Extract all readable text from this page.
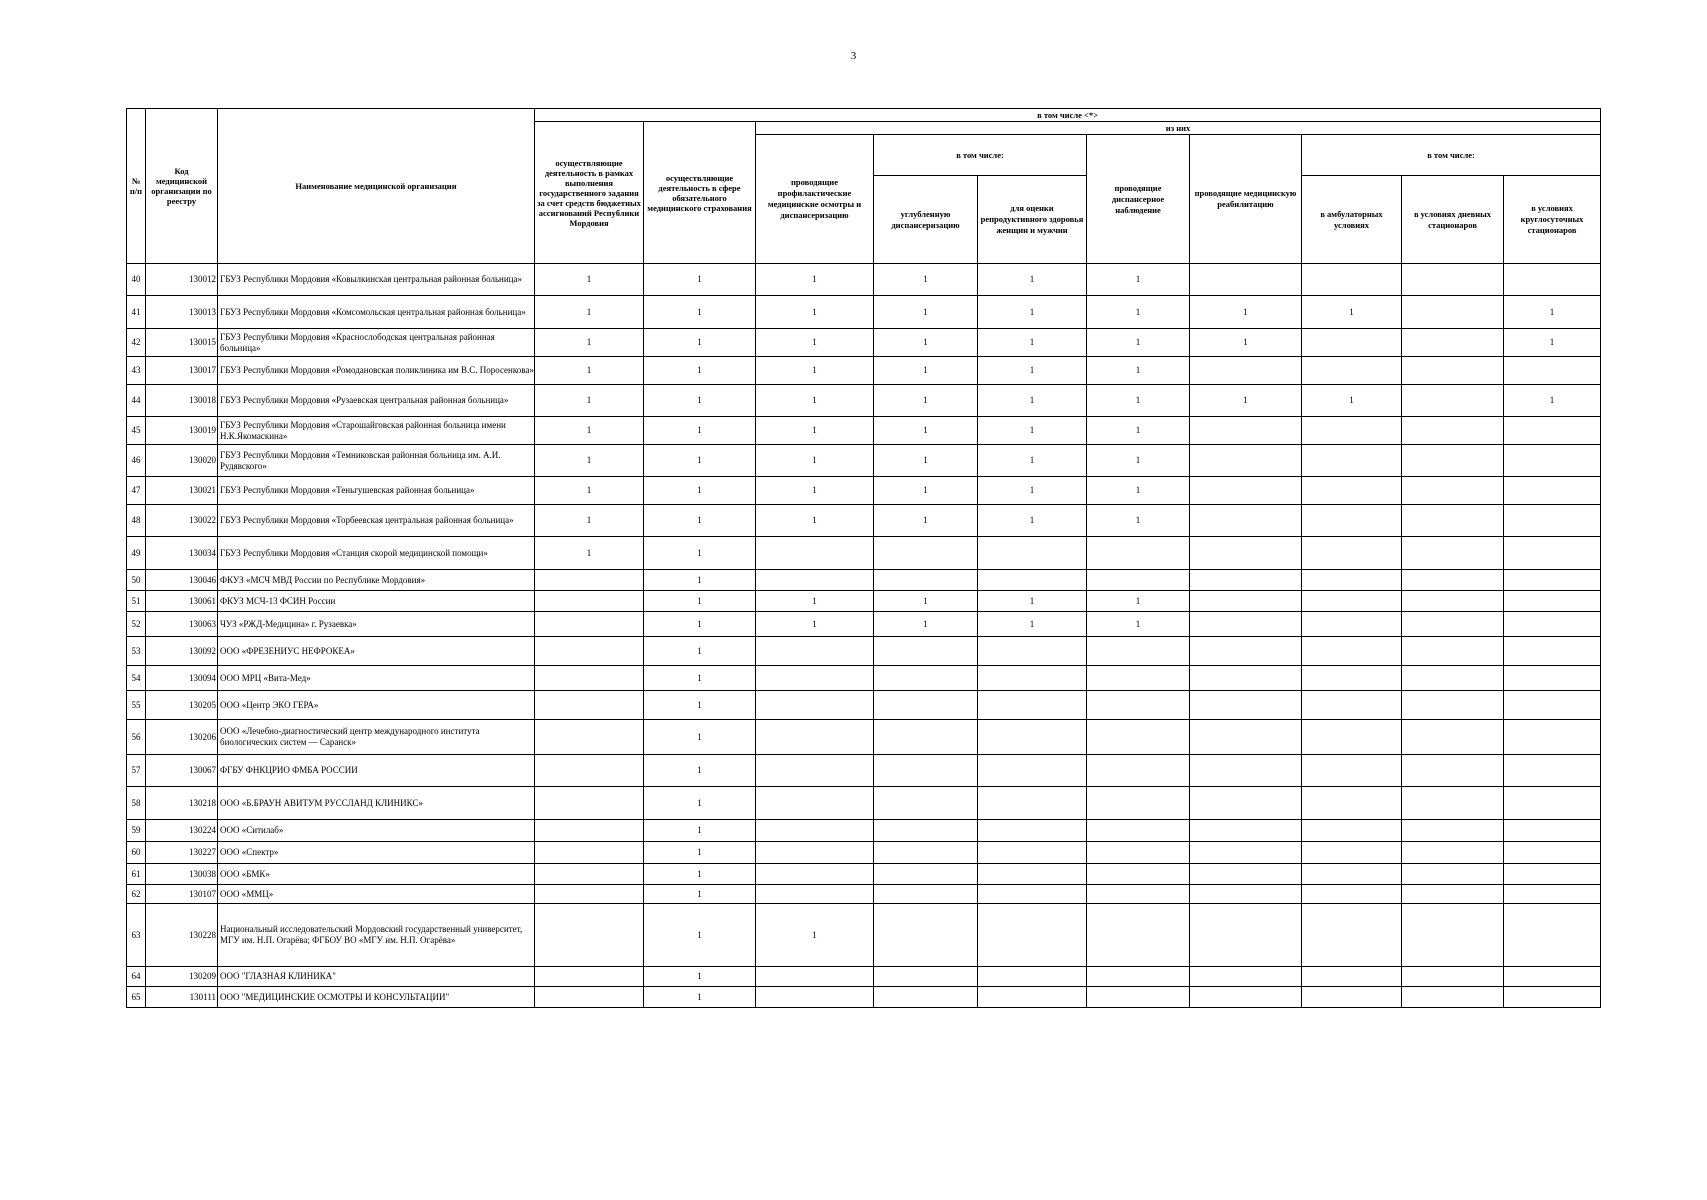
3
№ п/п	Код медицинской организации по реестру	Наименование медицинской организации	в том числе <*>									
			осуществляющие деятельность в рамках выполнения государственного задания за счет средств бюджетных ассигнований Республики Мордовия	осуществляющие деятельность в сфере обязательного медицинского страхования	из них							
					проводящие профилактические медицинские осмотры и диспансеризацию	в том числе:		проводящие диспансерное наблюдение	проводящие медицинскую реабилитацию	в том числе:		
						углубленную диспансеризацию	для оценки репродуктивного здоровья женщин и мужчин			в амбулаторных условиях	в условиях дневных стационаров	в условиях круглосуточных стационаров
40	130012	ГБУЗ Республики Мордовия «Ковылкинская центральная районная больница»	1	1	1	1	1	1				
41	130013	ГБУЗ Республики Мордовия «Комсомольская центральная районная больница»	1	1	1	1	1	1	1	1		1
42	130015	ГБУЗ Республики Мордовия «Краснослободская центральная районная больница»	1	1	1	1	1	1	1			1
43	130017	ГБУЗ Республики Мордовия «Ромодановская поликлиника им В.С. Поросенкова»	1	1	1	1	1	1				
44	130018	ГБУЗ Республики Мордовия «Рузаевская центральная районная больница»	1	1	1	1	1	1	1	1		1
45	130019	ГБУЗ Республики Мордовия «Старошайговская районная больница имени Н.К.Якомаскина»	1	1	1	1	1	1				
46	130020	ГБУЗ Республики Мордовия «Темниковская районная больница им. А.И. Рудявского»	1	1	1	1	1	1				
47	130021	ГБУЗ Республики Мордовия «Теньгушевская районная больница»	1	1	1	1	1	1				
48	130022	ГБУЗ Республики Мордовия «Торбеевская центральная районная больница»	1	1	1	1	1	1				
49	130034	ГБУЗ Республики Мордовия «Станция скорой медицинской помощи»	1	1								
50	130046	ФКУЗ «МСЧ МВД России по Республике Мордовия»		1								
51	130061	ФКУЗ МСЧ-13 ФСИН России		1	1	1	1	1				
52	130063	ЧУЗ «РЖД-Медицина» г. Рузаевка»		1	1	1	1	1				
53	130092	ООО «ФРЕЗЕНИУС НЕФРОКЕА»		1								
54	130094	ООО МРЦ «Вита-Мед»		1								
55	130205	ООО «Центр ЭКО ГЕРА»		1								
56	130206	ООО «Лечебно-диагностический центр международного института биологических систем — Саранск»		1								
57	130067	ФГБУ ФНКЦРИО ФМБА РОССИИ		1								
58	130218	ООО «Б.БРАУН АВИТУМ РУССЛАНД КЛИНИКС»		1								
59	130224	ООО «Ситилаб»		1								
60	130227	ООО «Спектр»		1								
61	130038	ООО «БМК»		1								
62	130107	ООО «ММЦ»		1								
63	130228	Национальный исследовательский Мордовский государственный университет, МГУ им. Н.П. Огарёва; ФГБОУ ВО «МГУ им. Н.П. Огарёва»		1	1							
64	130209	ООО "ГЛАЗНАЯ КЛИНИКА"		1								
65	130111	ООО "МЕДИЦИНСКИЕ ОСМОТРЫ И КОНСУЛЬТАЦИИ"		1								
